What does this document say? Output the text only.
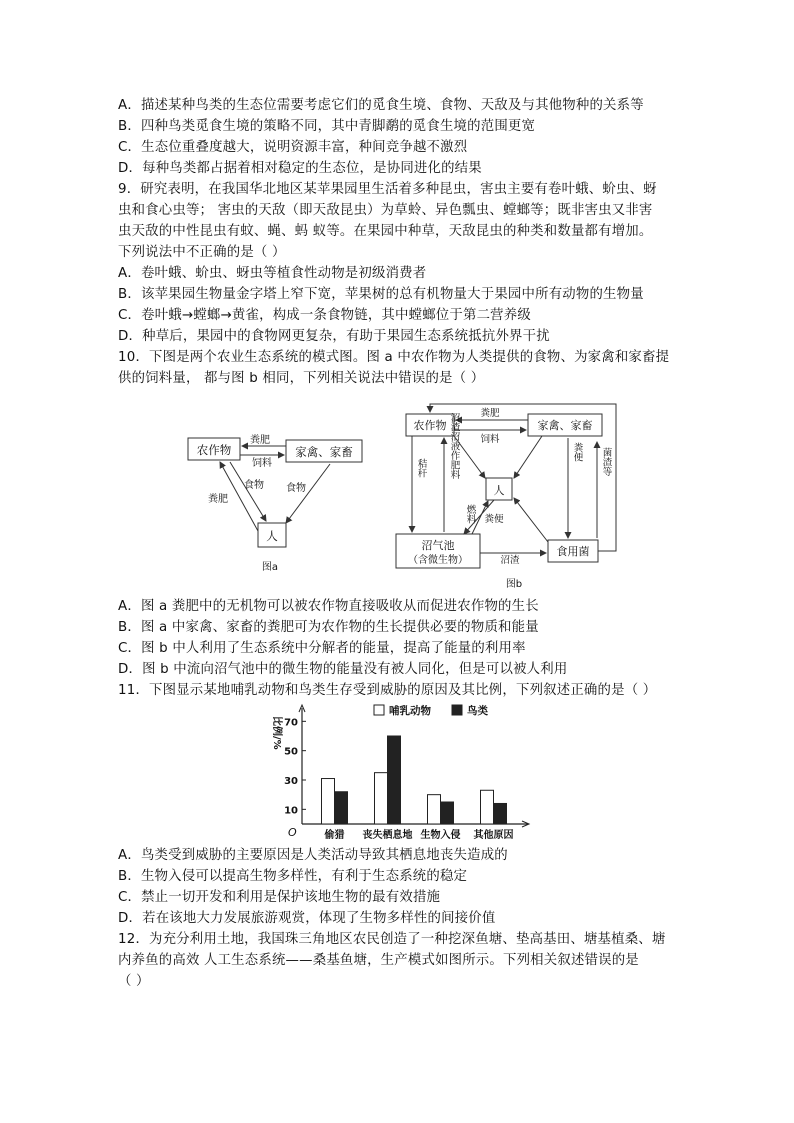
A．描述某种鸟类的生态位需要考虑它们的觅食生境、食物、天敌及与其他物种的关系等
B．四种鸟类觅食生境的策略不同，其中青脚鹬的觅食生境的范围更宽
C．生态位重叠度越大，说明资源丰富，种间竞争越不激烈
D．每种鸟类都占据着相对稳定的生态位，是协同进化的结果
9．研究表明，在我国华北地区某苹果园里生活着多种昆虫，害虫主要有卷叶蛾、蚧虫、蚜
虫和食心虫等； 害虫的天敌（即天敌昆虫）为草蛉、异色瓢虫、螳螂等；既非害虫又非害
虫天敌的中性昆虫有蚊、蝇、蚂 蚁等。在果园中种草，天敌昆虫的种类和数量都有增加。
下列说法中不正确的是（ ）
A．卷叶蛾、蚧虫、蚜虫等植食性动物是初级消费者
B．该苹果园生物量金字塔上窄下宽，苹果树的总有机物量大于果园中所有动物的生物量
C．卷叶蛾→螳螂→黄雀，构成一条食物链，其中螳螂位于第二营养级
D．种草后，果园中的食物网更复杂，有助于果园生态系统抵抗外界干扰
10．下图是两个农业生态系统的模式图。图 a 中农作物为人类提供的食物、为家禽和家畜提
供的饲料量， 都与图 b 相同，下列相关说法中错误的是（ ）
农作物	家禽、家畜
人
粪肥
饲料
食物 食物
粪肥
图a
农作物	家禽、家畜
人
沼气池
（含微生物）
食用菌
粪肥
饲料
秸秆 沼渣沼液作肥料
燃料 粪便
粪便 菌渣等
沼渣
图b
A．图 a 粪肥中的无机物可以被农作物直接吸收从而促进农作物的生长
B．图 a 中家禽、家畜的粪肥可为农作物的生长提供必要的物质和能量
C．图 b 中人利用了生态系统中分解者的能量，提高了能量的利用率
D．图 b 中流向沼气池中的微生物的能量没有被人同化，但是可以被人利用
11．下图显示某地哺乳动物和鸟类生存受到威胁的原因及其比例，下列叙述正确的是（ ）
O
10
30
50
70
比例/%
偷猎 丧失栖息地 生物入侵 其他原因
哺乳动物	鸟类
A．鸟类受到威胁的主要原因是人类活动导致其栖息地丧失造成的
B．生物入侵可以提高生物多样性，有利于生态系统的稳定
C．禁止一切开发和利用是保护该地生物的最有效措施
D．若在该地大力发展旅游观赏，体现了生物多样性的间接价值
12．为充分利用土地，我国珠三角地区农民创造了一种挖深鱼塘、垫高基田、塘基植桑、塘
内养鱼的高效 人工生态系统——桑基鱼塘，生产模式如图所示。下列相关叙述错误的是
（ ）
